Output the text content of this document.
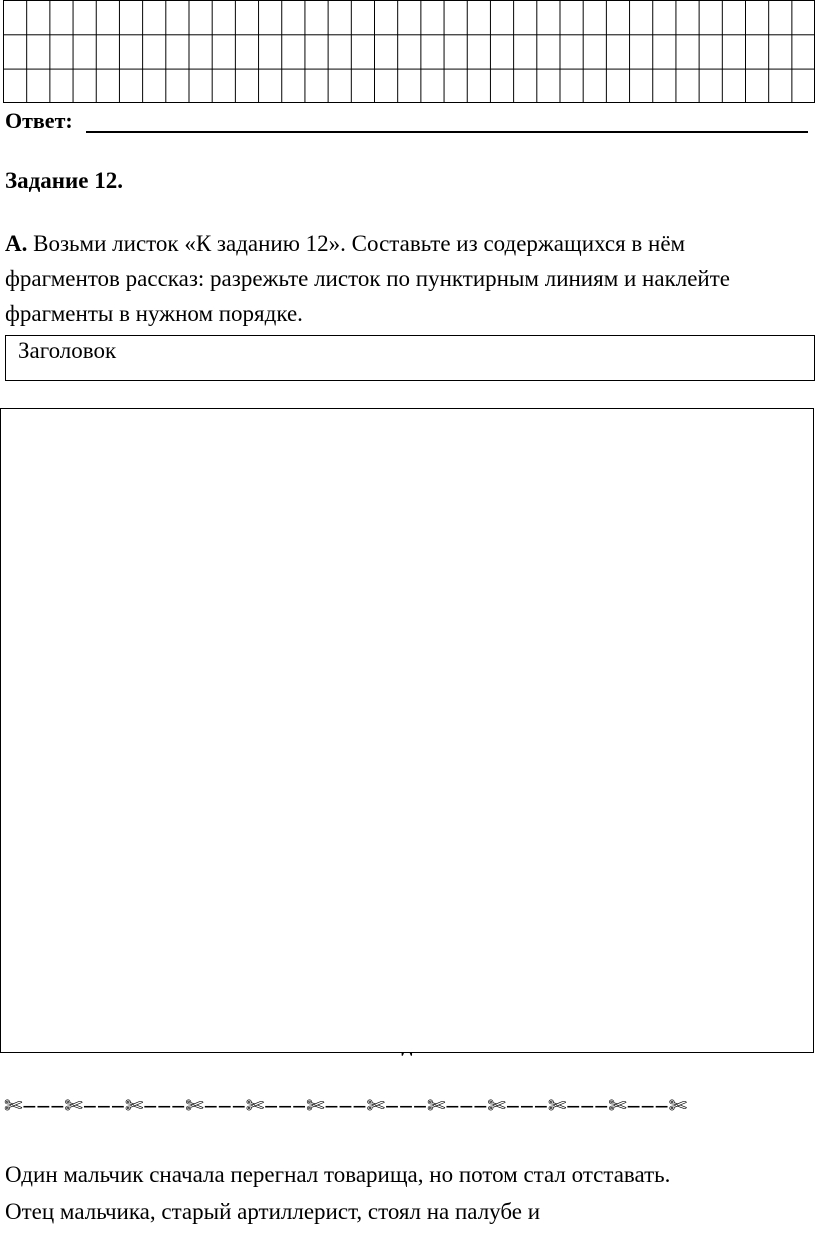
Ответ:
Задание 12.
А. Возьми листок «К заданию 12». Составьте из содержащихся в нём фрагментов рассказ: разрежьте листок по пунктирным линиям и наклейте фрагменты в нужном порядке.
Заголовок
✄‒‒‒✄‒‒‒✄‒‒‒✄‒‒‒✄‒‒‒✄‒‒‒✄‒‒‒✄‒‒‒✄‒‒‒✄‒‒‒✄‒‒‒✄
Один мальчик сначала перегнал товарища, но потом стал отставать.
Отец мальчика, старый артиллерист, стоял на палубе и
